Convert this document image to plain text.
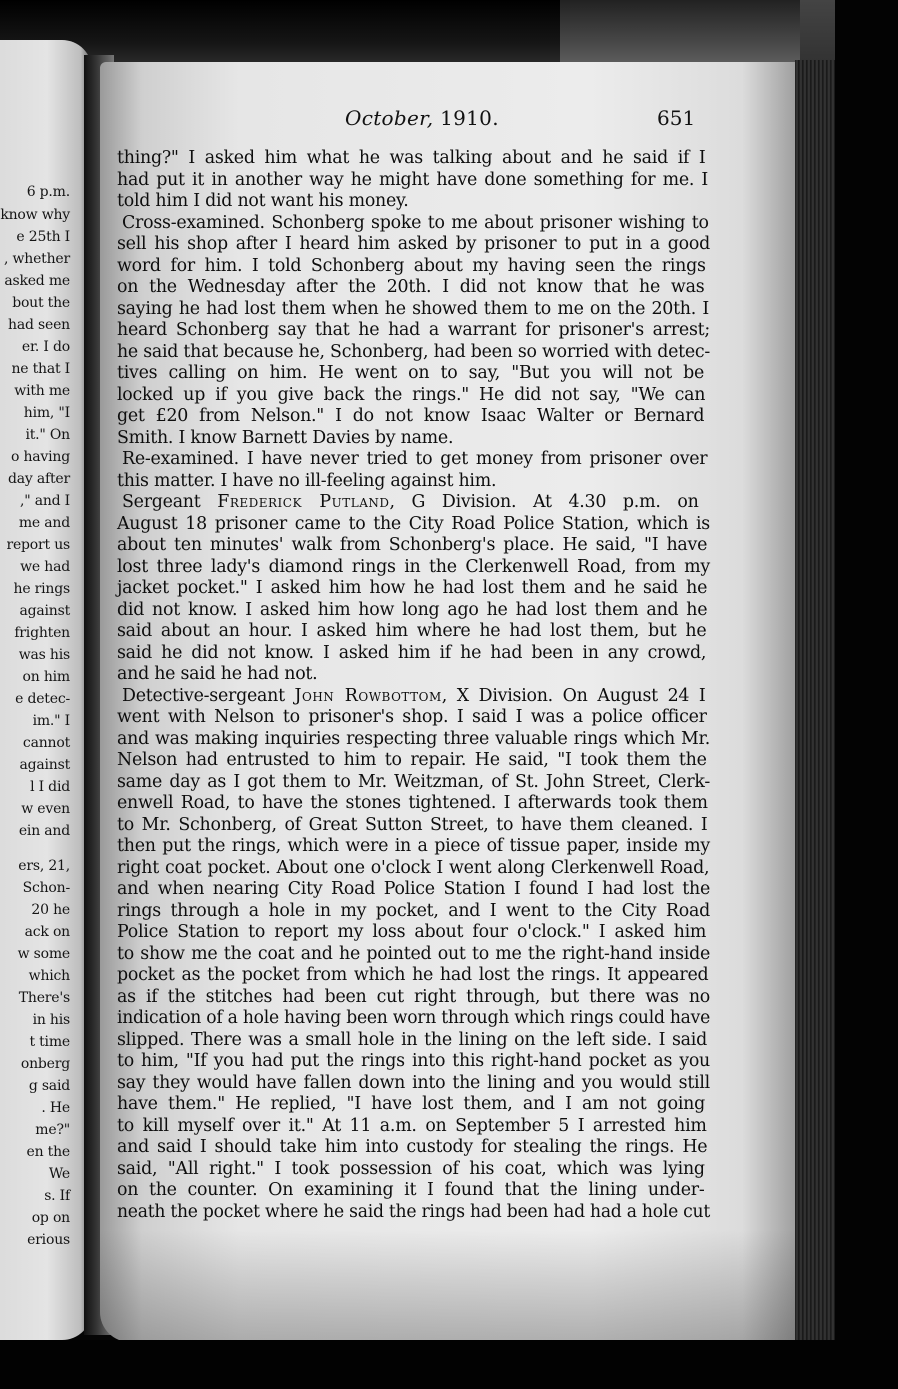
6 p.m.
know why
e 25th I
, whether
asked me
bout the
had seen
er. I do
ne that I
with me
him, "I
it." On
o having
day after
," and I
me and
report us
we had
he rings
against
frighten
was his
on him
e detec-
im." I
cannot
against
l I did
w even
ein and
ers, 21,
Schon-
20 he
ack on
w some
which
There's
in his
t time
onberg
g said
. He
me?"
en the
We
s. If
op on
erious
October, 1910.	651
thing?" I asked him what he was talking about and he said if I
had put it in another way he might have done something for me. I
told him I did not want his money.
Cross-examined. Schonberg spoke to me about prisoner wishing to
sell his shop after I heard him asked by prisoner to put in a good
word for him. I told Schonberg about my having seen the rings
on the Wednesday after the 20th. I did not know that he was
saying he had lost them when he showed them to me on the 20th. I
heard Schonberg say that he had a warrant for prisoner's arrest;
he said that because he, Schonberg, had been so worried with detec-
tives calling on him. He went on to say, "But you will not be
locked up if you give back the rings." He did not say, "We can
get £20 from Nelson." I do not know Isaac Walter or Bernard
Smith. I know Barnett Davies by name.
Re-examined. I have never tried to get money from prisoner over
this matter. I have no ill-feeling against him.
Sergeant Frederick Putland, G Division. At 4.30 p.m. on
August 18 prisoner came to the City Road Police Station, which is
about ten minutes' walk from Schonberg's place. He said, "I have
lost three lady's diamond rings in the Clerkenwell Road, from my
jacket pocket." I asked him how he had lost them and he said he
did not know. I asked him how long ago he had lost them and he
said about an hour. I asked him where he had lost them, but he
said he did not know. I asked him if he had been in any crowd,
and he said he had not.
Detective-sergeant John Rowbottom, X Division. On August 24 I
went with Nelson to prisoner's shop. I said I was a police officer
and was making inquiries respecting three valuable rings which Mr.
Nelson had entrusted to him to repair. He said, "I took them the
same day as I got them to Mr. Weitzman, of St. John Street, Clerk-
enwell Road, to have the stones tightened. I afterwards took them
to Mr. Schonberg, of Great Sutton Street, to have them cleaned. I
then put the rings, which were in a piece of tissue paper, inside my
right coat pocket. About one o'clock I went along Clerkenwell Road,
and when nearing City Road Police Station I found I had lost the
rings through a hole in my pocket, and I went to the City Road
Police Station to report my loss about four o'clock." I asked him
to show me the coat and he pointed out to me the right-hand inside
pocket as the pocket from which he had lost the rings. It appeared
as if the stitches had been cut right through, but there was no
indication of a hole having been worn through which rings could have
slipped. There was a small hole in the lining on the left side. I said
to him, "If you had put the rings into this right-hand pocket as you
say they would have fallen down into the lining and you would still
have them." He replied, "I have lost them, and I am not going
to kill myself over it." At 11 a.m. on September 5 I arrested him
and said I should take him into custody for stealing the rings. He
said, "All right." I took possession of his coat, which was lying
on the counter. On examining it I found that the lining under-
neath the pocket where he said the rings had been had had a hole cut
